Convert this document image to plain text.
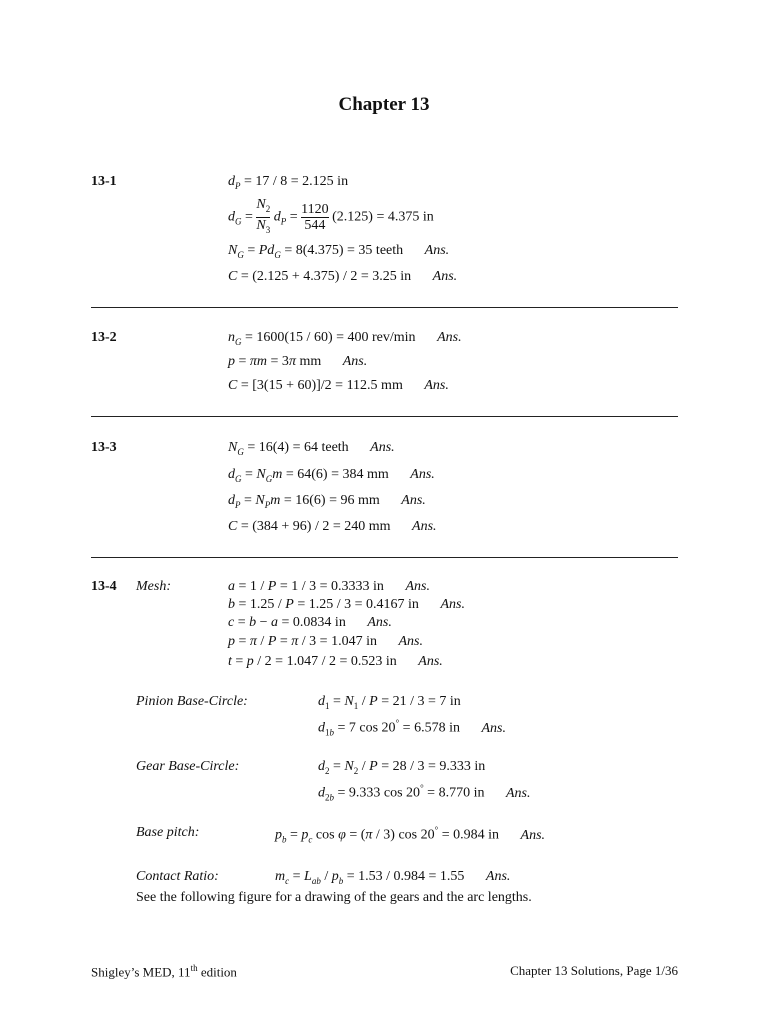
Chapter 13
13-1	$d_P = 17 / 8 = 2.125$ in
$d_G = \frac{N_2}{N_3} d_P = \frac{1120}{544} (2.125) = 4.375$ in
$N_G = Pd_G = 8(4.375) = 35$ teeth Ans.
C = (2.125 + 4.375) / 2 = 3.25 in Ans.
13-2	$n_G = 1600(15 / 60) = 400$ rev/min Ans.
p = πm = 3π mm Ans.
C = [3(15 + 60)]/2 = 112.5 mm Ans.
13-3	$N_G = 16(4) = 64$ teeth Ans.
$d_G = N_Gm = 64(6) = 384$ mm Ans.
$d_P = N_Pm = 16(6) = 96$ mm Ans.
C = (384 + 96) / 2 = 240 mm Ans.
13-4 Mesh:	a = 1 / P = 1 / 3 = 0.3333 in Ans.
b = 1.25 / P = 1.25 / 3 = 0.4167 in Ans.
c = b − a = 0.0834 in Ans.
p = π / P = π / 3 = 1.047 in Ans.
t = p / 2 = 1.047 / 2 = 0.523 in Ans.
Pinion Base-Circle:	$d_1 = N_1 / P = 21 / 3 = 7$ in
$d_{1b} = 7$ cos 20° = 6.578 in Ans.
Gear Base-Circle:	$d_2 = N_2 / P = 28 / 3 = 9.333$ in
$d_{2b} = 9.333$ cos 20° = 8.770 in Ans.
Base pitch:	$p_b = p_c$ cos φ = (π / 3) cos 20° = 0.984 in Ans.
Contact Ratio:	$m_c = L_{ab} / p_b = 1.53 / 0.984 = 1.55$ Ans.
See the following figure for a drawing of the gears and the arc lengths.
Shigley’s MED, 11th edition	Chapter 13 Solutions, Page 1/36
